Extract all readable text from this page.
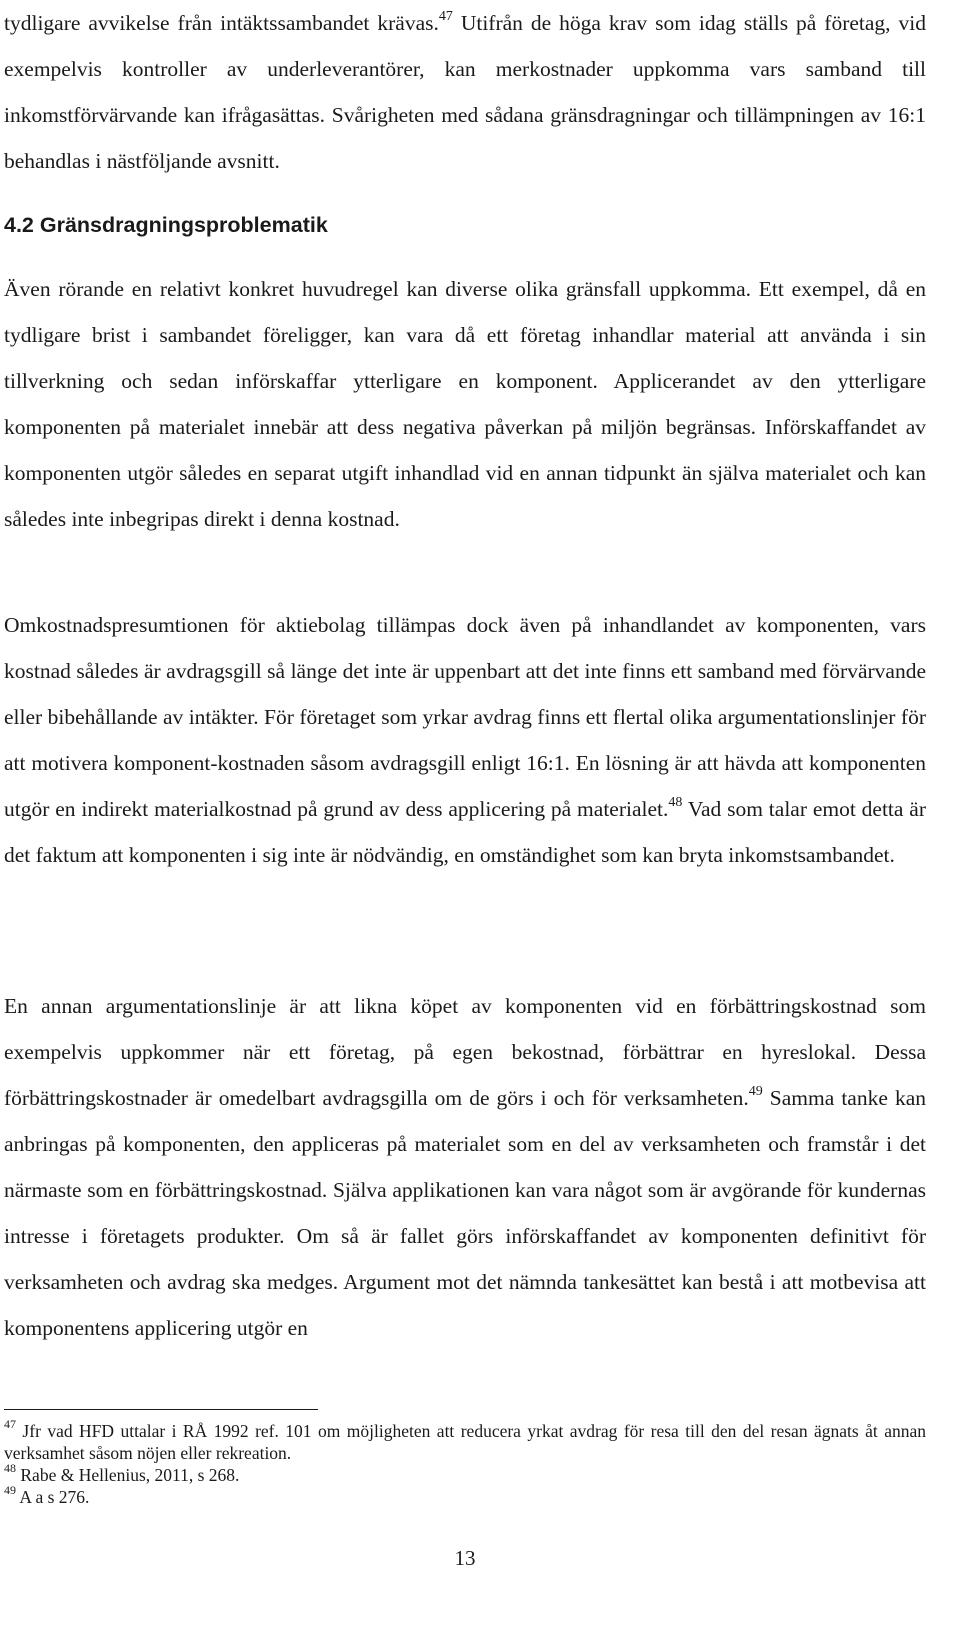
tydligare avvikelse från intäktssambandet krävas.$^{47}$ Utifrån de höga krav som idag ställs på företag, vid exempelvis kontroller av underleverantörer, kan merkostnader uppkomma vars samband till inkomstförvärvande kan ifrågasättas. Svårigheten med sådana gränsdragningar och tillämpningen av 16:1 behandlas i nästföljande avsnitt.

4.2 Gränsdragningsproblematik

Även rörande en relativt konkret huvudregel kan diverse olika gränsfall uppkomma. Ett exempel, då en tydligare brist i sambandet föreligger, kan vara då ett företag inhandlar material att använda i sin tillverkning och sedan införskaffar ytterligare en komponent. Applicerandet av den ytterligare komponenten på materialet innebär att dess negativa påverkan på miljön begränsas. Införskaffandet av komponenten utgör således en separat utgift inhandlad vid en annan tidpunkt än själva materialet och kan således inte inbegripas direkt i denna kostnad.

Omkostnadspresumtionen för aktiebolag tillämpas dock även på inhandlandet av komponenten, vars kostnad således är avdragsgill så länge det inte är uppenbart att det inte finns ett samband med förvärvande eller bibehållande av intäkter. För företaget som yrkar avdrag finns ett flertal olika argumentationslinjer för att motivera komponent-kostnaden såsom avdragsgill enligt 16:1. En lösning är att hävda att komponenten utgör en indirekt materialkostnad på grund av dess applicering på materialet.$^{48}$ Vad som talar emot detta är det faktum att komponenten i sig inte är nödvändig, en omständighet som kan bryta inkomstsambandet.

En annan argumentationslinje är att likna köpet av komponenten vid en förbättringskostnad som exempelvis uppkommer när ett företag, på egen bekostnad, förbättrar en hyreslokal. Dessa förbättringskostnader är omedelbart avdragsgilla om de görs i och för verksamheten.$^{49}$ Samma tanke kan anbringas på komponenten, den appliceras på materialet som en del av verksamheten och framstår i det närmaste som en förbättringskostnad. Själva applikationen kan vara något som är avgörande för kundernas intresse i företagets produkter. Om så är fallet görs införskaffandet av komponenten definitivt för verksamheten och avdrag ska medges. Argument mot det nämnda tankesättet kan bestå i att motbevisa att komponentens applicering utgör en

$^{47}$ Jfr vad HFD uttalar i RÅ 1992 ref. 101 om möjligheten att reducera yrkat avdrag för resa till den del resan ägnats åt annan verksamhet såsom nöjen eller rekreation.

$^{48}$ Rabe & Hellenius, 2011, s 268.

$^{49}$ A a s 276.

13
